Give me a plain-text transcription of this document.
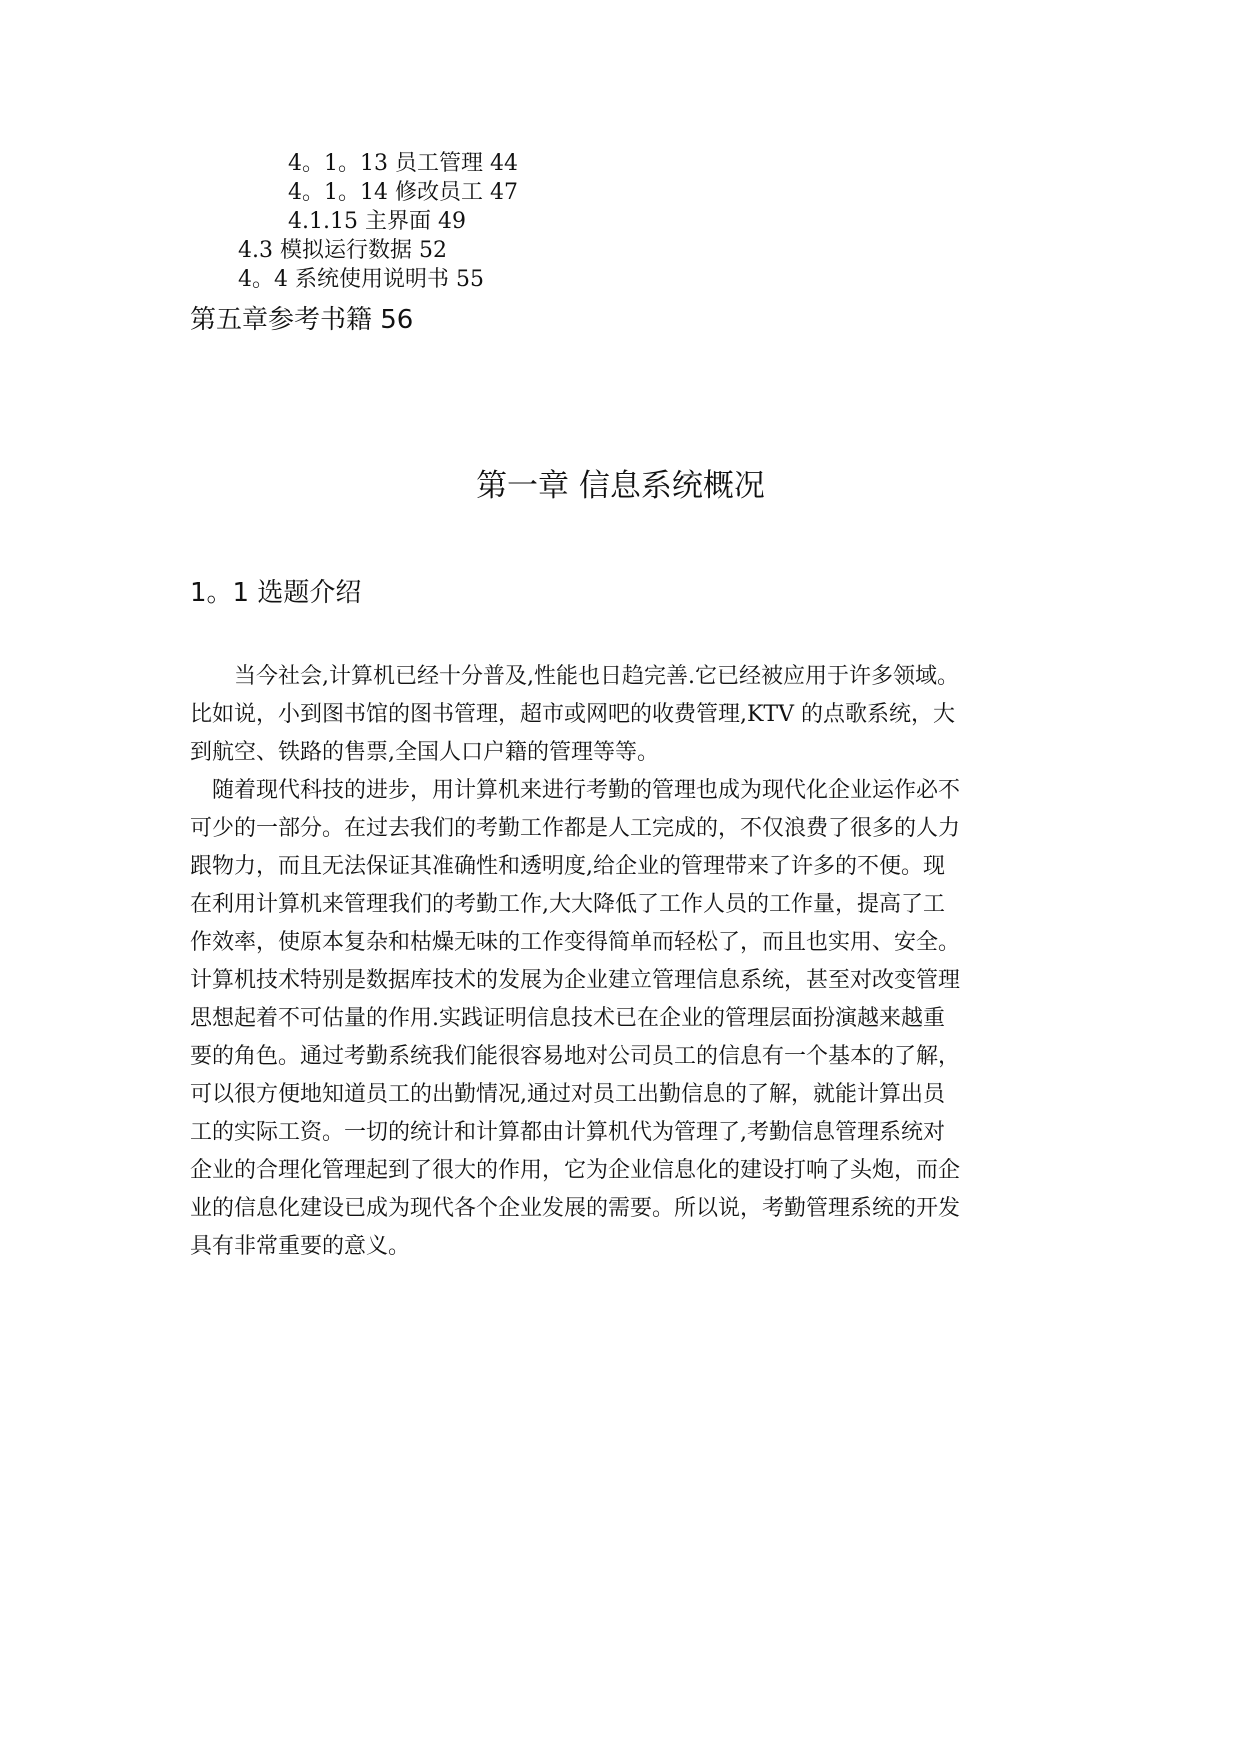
4。1。13 员工管理 44
4。1。14 修改员工 47
4.1.15 主界面 49
4.3 模拟运行数据 52
4。4 系统使用说明书 55
第五章参考书籍 56
第一章 信息系统概况
1。1 选题介绍
　　当今社会,计算机已经十分普及,性能也日趋完善.它已经被应用于许多领域。
比如说，小到图书馆的图书管理，超市或网吧的收费管理,KTV 的点歌系统，大
到航空、铁路的售票,全国人口户籍的管理等等。
　随着现代科技的进步，用计算机来进行考勤的管理也成为现代化企业运作必不
可少的一部分。在过去我们的考勤工作都是人工完成的，不仅浪费了很多的人力
跟物力，而且无法保证其准确性和透明度,给企业的管理带来了许多的不便。现
在利用计算机来管理我们的考勤工作,大大降低了工作人员的工作量，提高了工
作效率，使原本复杂和枯燥无味的工作变得简单而轻松了，而且也实用、安全。
计算机技术特别是数据库技术的发展为企业建立管理信息系统，甚至对改变管理
思想起着不可估量的作用.实践证明信息技术已在企业的管理层面扮演越来越重
要的角色。通过考勤系统我们能很容易地对公司员工的信息有一个基本的了解，
可以很方便地知道员工的出勤情况,通过对员工出勤信息的了解，就能计算出员
工的实际工资。一切的统计和计算都由计算机代为管理了,考勤信息管理系统对
企业的合理化管理起到了很大的作用，它为企业信息化的建设打响了头炮，而企
业的信息化建设已成为现代各个企业发展的需要。所以说，考勤管理系统的开发
具有非常重要的意义。
